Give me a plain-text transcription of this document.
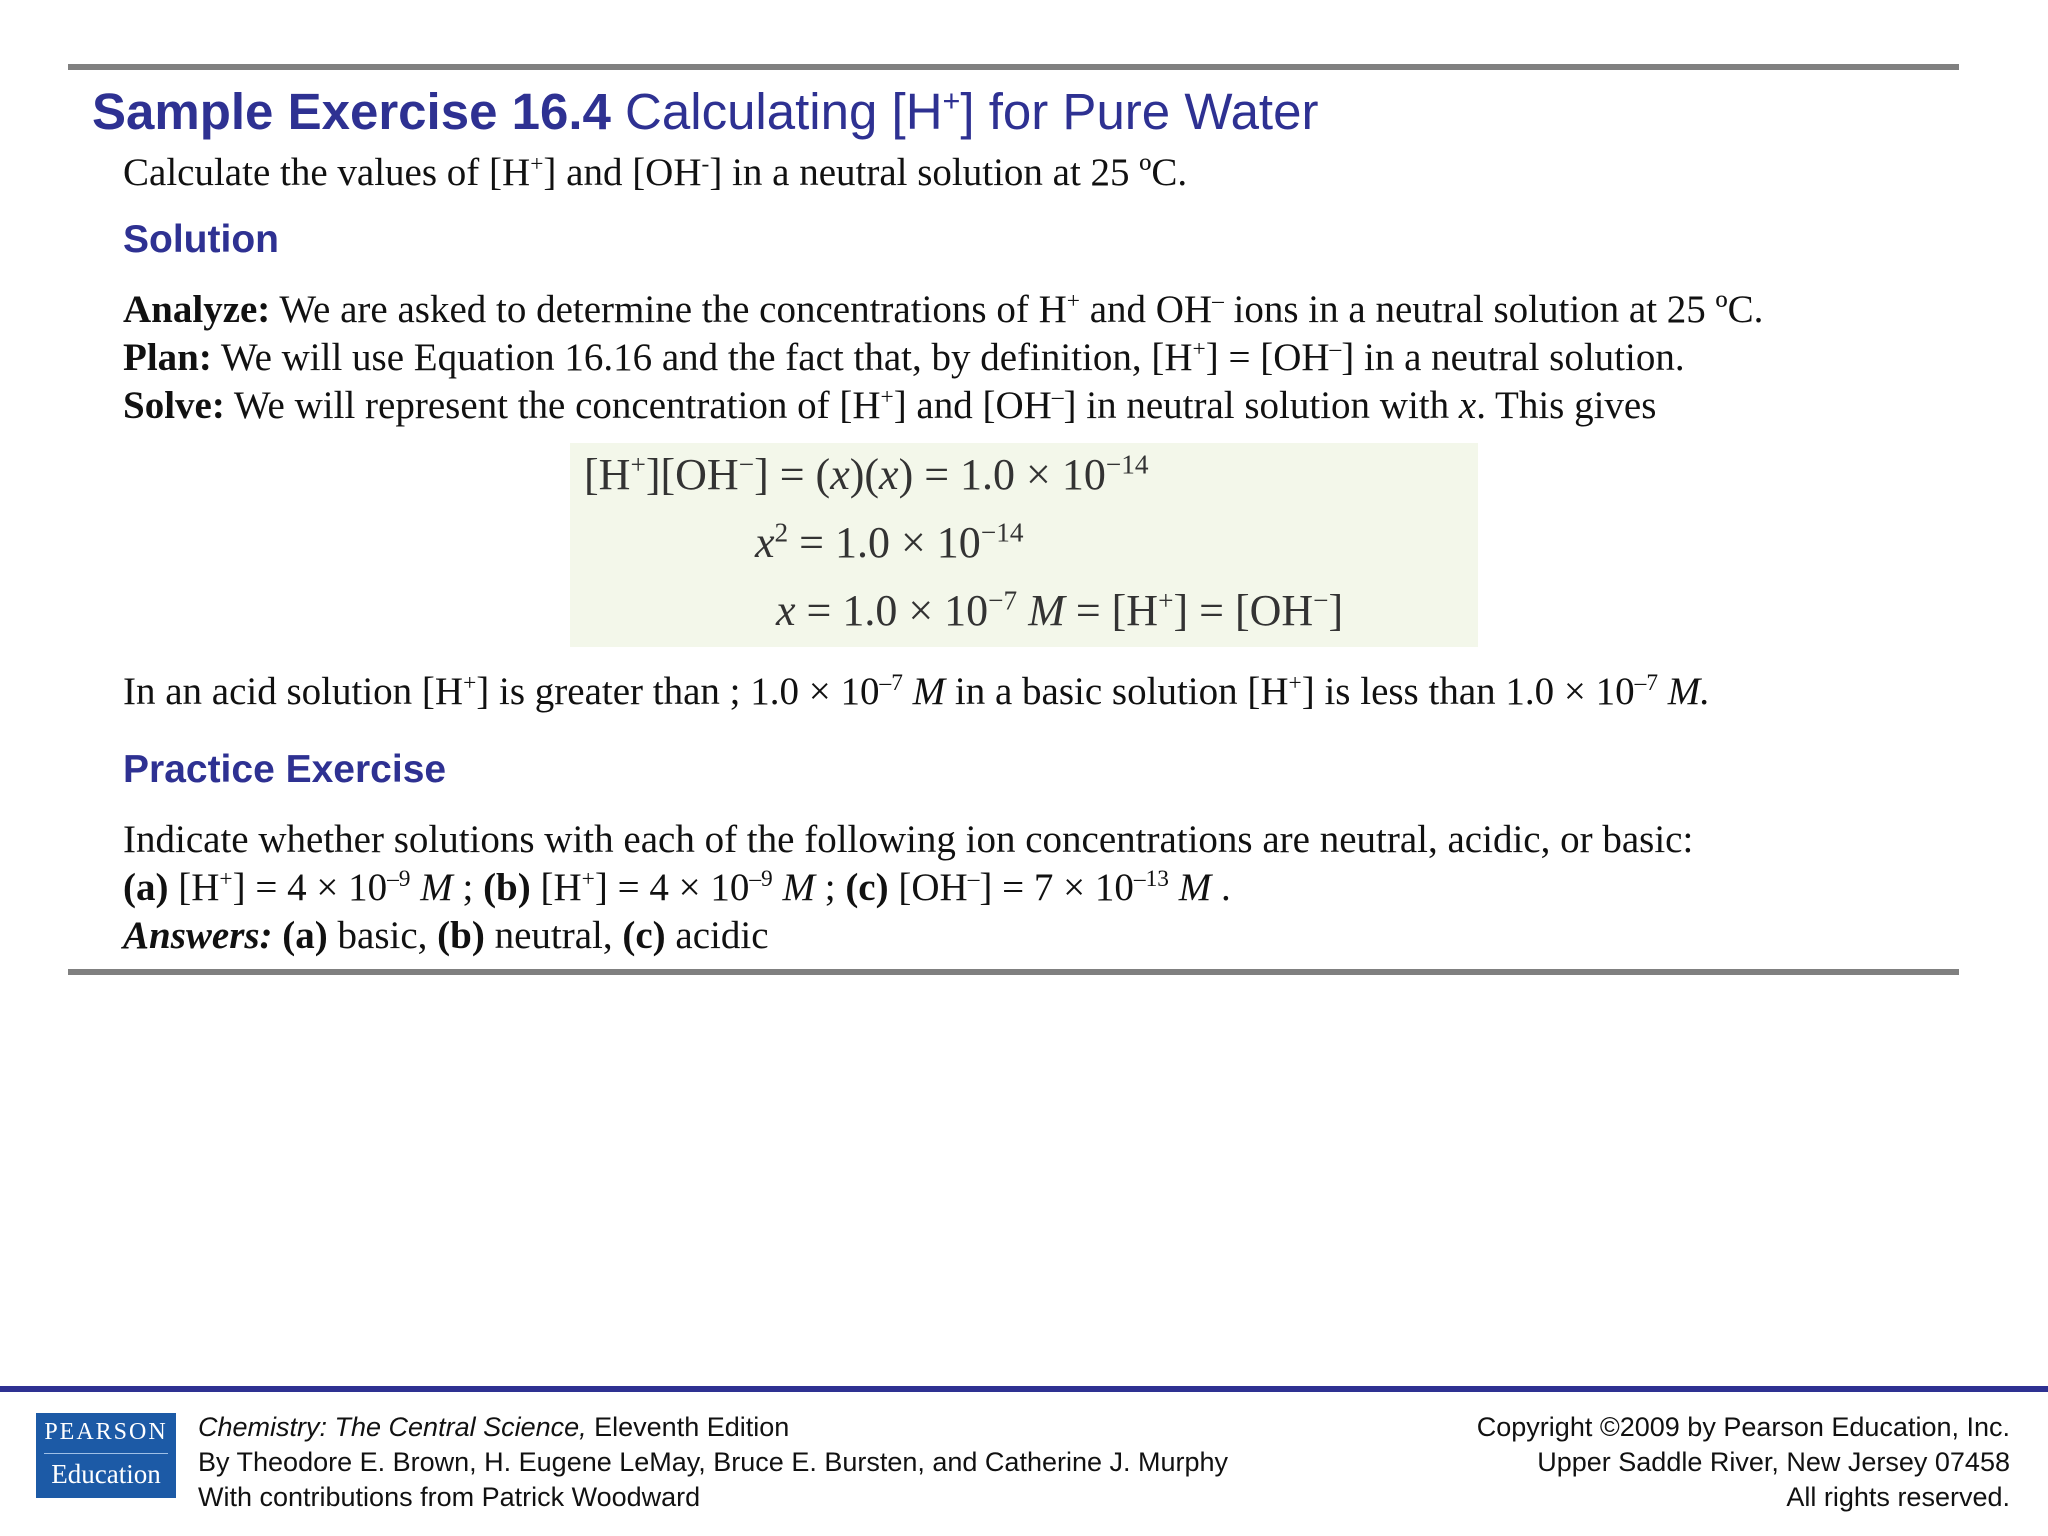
Sample Exercise 16.4 Calculating [H+] for Pure Water
Calculate the values of [H+] and [OH-] in a neutral solution at 25 ºC.
Solution
Analyze: We are asked to determine the concentrations of H+ and OH– ions in a neutral solution at 25 ºC.
Plan: We will use Equation 16.16 and the fact that, by definition, [H+] = [OH–] in a neutral solution.
Solve: We will represent the concentration of [H+] and [OH–] in neutral solution with x. This gives
$[H^+][OH^-] = (x)(x) = 1.0 \times 10^{-14}$
$x^2 = 1.0 \times 10^{-14}$
$x = 1.0 \times 10^{-7}$ M = [H+] = [OH−]
In an acid solution [H+] is greater than ; $1.0 \times 10^{-7}$ M in a basic solution [H+] is less than $1.0 \times 10^{-7}$ M.
Practice Exercise
Indicate whether solutions with each of the following ion concentrations are neutral, acidic, or basic:
(a) $[H^+] = 4 \times 10^{-9}$ M ; (b) $[H^+] = 4 \times 10^{-9}$ M ; (c) $[OH^-] = 7 \times 10^{-13}$ M .
Answers: (a) basic, (b) neutral, (c) acidic
PEARSON
Education
Chemistry: The Central Science, Eleventh Edition
By Theodore E. Brown, H. Eugene LeMay, Bruce E. Bursten, and Catherine J. Murphy
With contributions from Patrick Woodward
Copyright ©2009 by Pearson Education, Inc.
Upper Saddle River, New Jersey 07458
All rights reserved.
